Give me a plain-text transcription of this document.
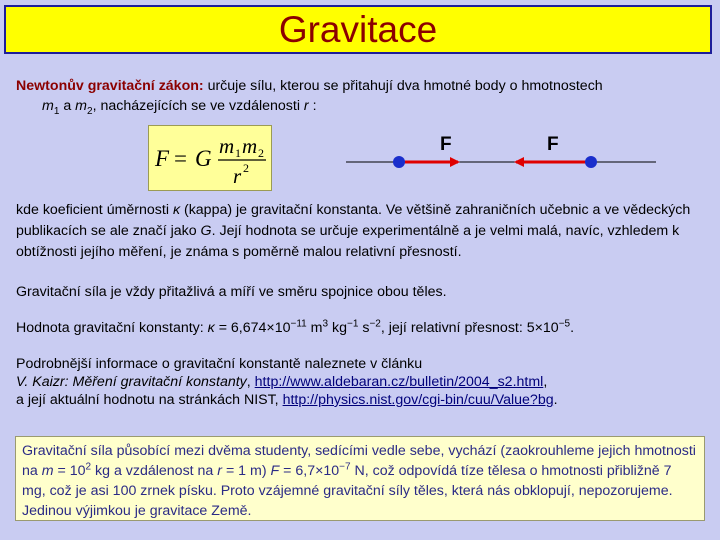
Gravitace

Newtonův gravitační zákon: určuje sílu, kterou se přitahují dva hmotné body o hmotnostech
$m_1$ a $m_2$, nacházejících se ve vzdálenosti r :

F = G m 1 m 2
r 2
F	F

kde koeficient úměrnosti κ (kappa) je gravitační konstanta. Ve většině zahraničních učebnic a ve vědeckých publikacích se ale značí jako G. Její hodnota se určuje experimentálně a je velmi malá, navíc, vzhledem k obtížnosti jejího měření, je známa s poměrně malou relativní přesností.

Gravitační síla je vždy přitažlivá a míří ve směru spojnice obou těles.

Hodnota gravitační konstanty: $\kappa = 6,674\times 10^{-11}$ $m^3$ $kg^{-1}$ $s^{-2}$, její relativní přesnost: $5\times 10^{-5}$.

Podrobnější informace o gravitační konstantě naleznete v článku
V. Kaizr: Měření gravitační konstanty, http://www.aldebaran.cz/bulletin/2004_s2.html,
a její aktuální hodnotu na stránkách NIST, http://physics.nist.gov/cgi-bin/cuu/Value?bg.

Gravitační síla působící mezi dvěma studenty, sedícími vedle sebe, vychází (zaokrouhleme jejich hmotnosti na $m = 10^2$ kg a vzdálenost na r = 1 m) $F = 6,7\times 10^{-7}$ N, což odpovídá tíze tělesa o hmotnosti přibližně 7 mg, což je asi 100 zrnek písku. Proto vzájemné gravitační síly těles, která nás obklopují, nepozorujeme. Jedinou výjimkou je gravitace Země.
